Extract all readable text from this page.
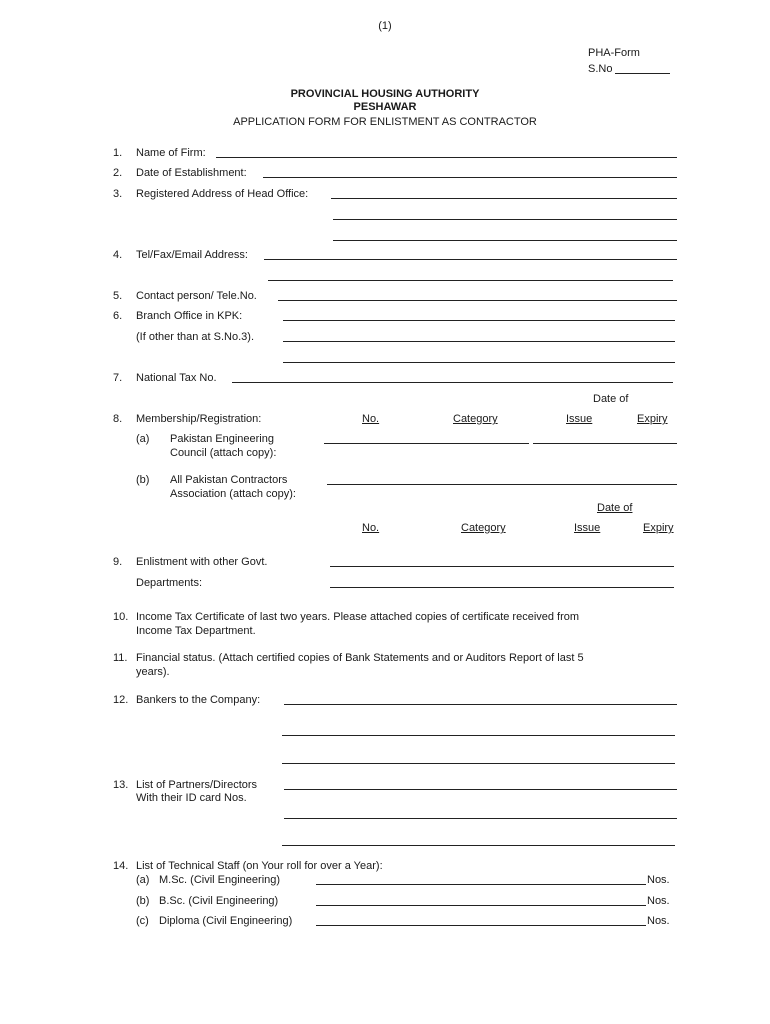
(1)
PHA-Form
S.No
PROVINCIAL HOUSING AUTHORITY
PESHAWAR
APPLICATION FORM FOR ENLISTMENT AS CONTRACTOR
1.	Name of Firm:
2.	Date of Establishment:
3.	Registered Address of Head Office:
4.	Tel/Fax/Email Address:
5.	Contact person/ Tele.No.
6.	Branch Office in KPK:
(If other than at S.No.3).
7.	National Tax No.
Date of
8.	Membership/Registration:	No.	Category	Issue	Expiry
(a) Pakistan Engineering
Council (attach copy):
(b) All Pakistan Contractors
Association (attach copy):
Date of
No.	Category	Issue	Expiry
9.	Enlistment with other Govt.
Departments:
10. Income Tax Certificate of last two years. Please attached copies of certificate received from
Income Tax Department.
11. Financial status. (Attach certified copies of Bank Statements and or Auditors Report of last 5
years).
12. Bankers to the Company:
13. List of Partners/Directors
With their ID card Nos.
14. List of Technical Staff (on Your roll for over a Year):
(a) M.Sc. (Civil Engineering)	Nos.
(b) B.Sc. (Civil Engineering)	Nos.
(c) Diploma (Civil Engineering)	Nos.
